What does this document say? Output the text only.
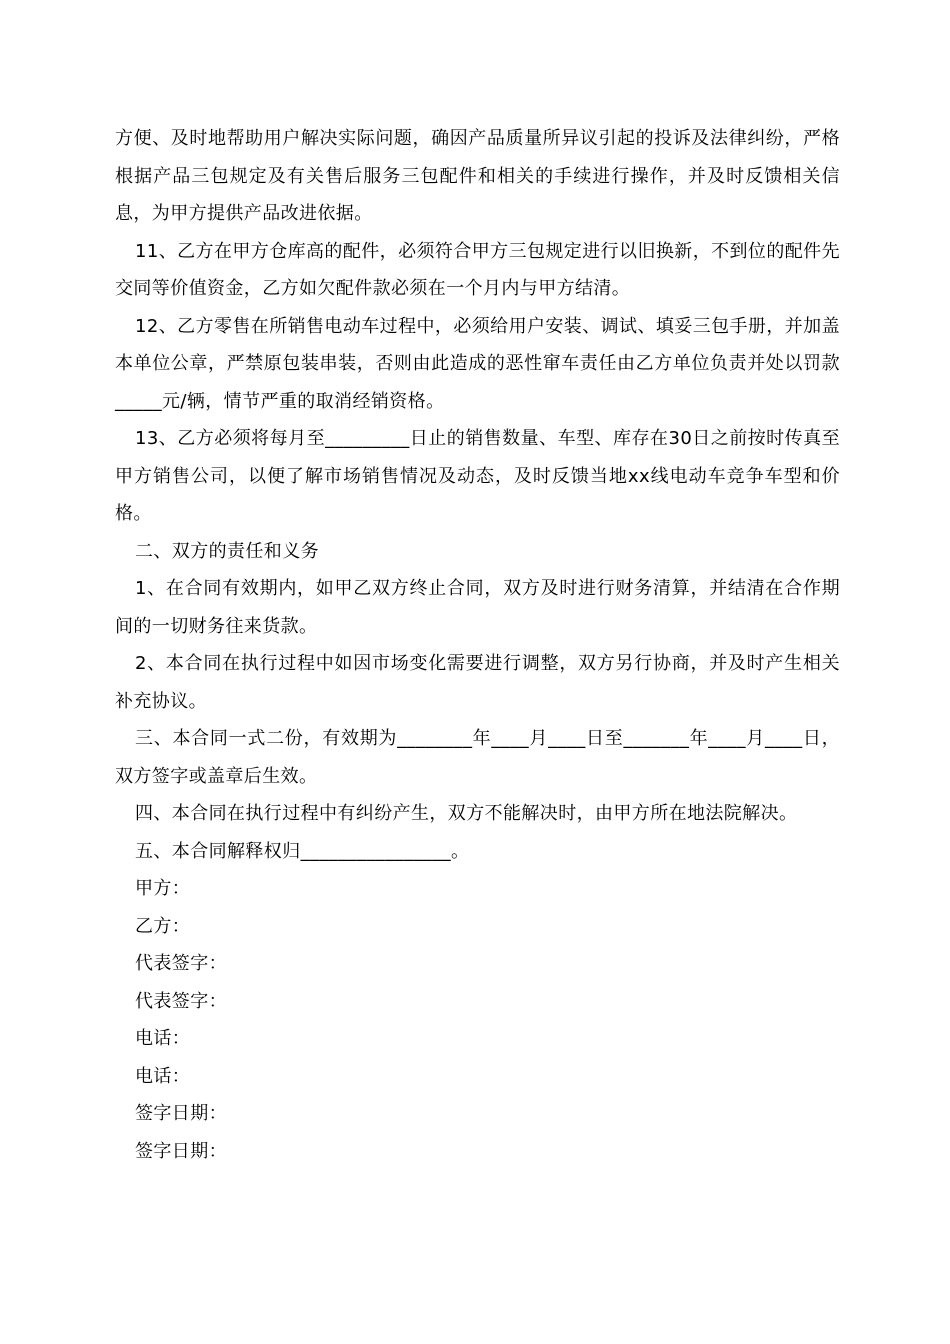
方便、及时地帮助用户解决实际问题，确因产品质量所异议引起的投诉及法律纠纷，严格根据产品三包规定及有关售后服务三包配件和相关的手续进行操作，并及时反馈相关信息，为甲方提供产品改进依据。

11、乙方在甲方仓库高的配件，必须符合甲方三包规定进行以旧换新，不到位的配件先交同等价值资金，乙方如欠配件款必须在一个月内与甲方结清。

12、乙方零售在所销售电动车过程中，必须给用户安装、调试、填妥三包手册，并加盖本单位公章，严禁原包装串装，否则由此造成的恶性窜车责任由乙方单位负责并处以罚款_____元/辆，情节严重的取消经销资格。

13、乙方必须将每月至_________日止的销售数量、车型、库存在30日之前按时传真至甲方销售公司，以便了解市场销售情况及动态，及时反馈当地xx线电动车竞争车型和价格。

二、双方的责任和义务

1、在合同有效期内，如甲乙双方终止合同，双方及时进行财务清算，并结清在合作期间的一切财务往来货款。

2、本合同在执行过程中如因市场变化需要进行调整，双方另行协商，并及时产生相关补充协议。

三、本合同一式二份，有效期为________年____月____日至_______年____月____日，双方签字或盖章后生效。

四、本合同在执行过程中有纠纷产生，双方不能解决时，由甲方所在地法院解决。

五、本合同解释权归________________。

甲方：

乙方：

代表签字：

代表签字：

电话：

电话：

签字日期：

签字日期：
